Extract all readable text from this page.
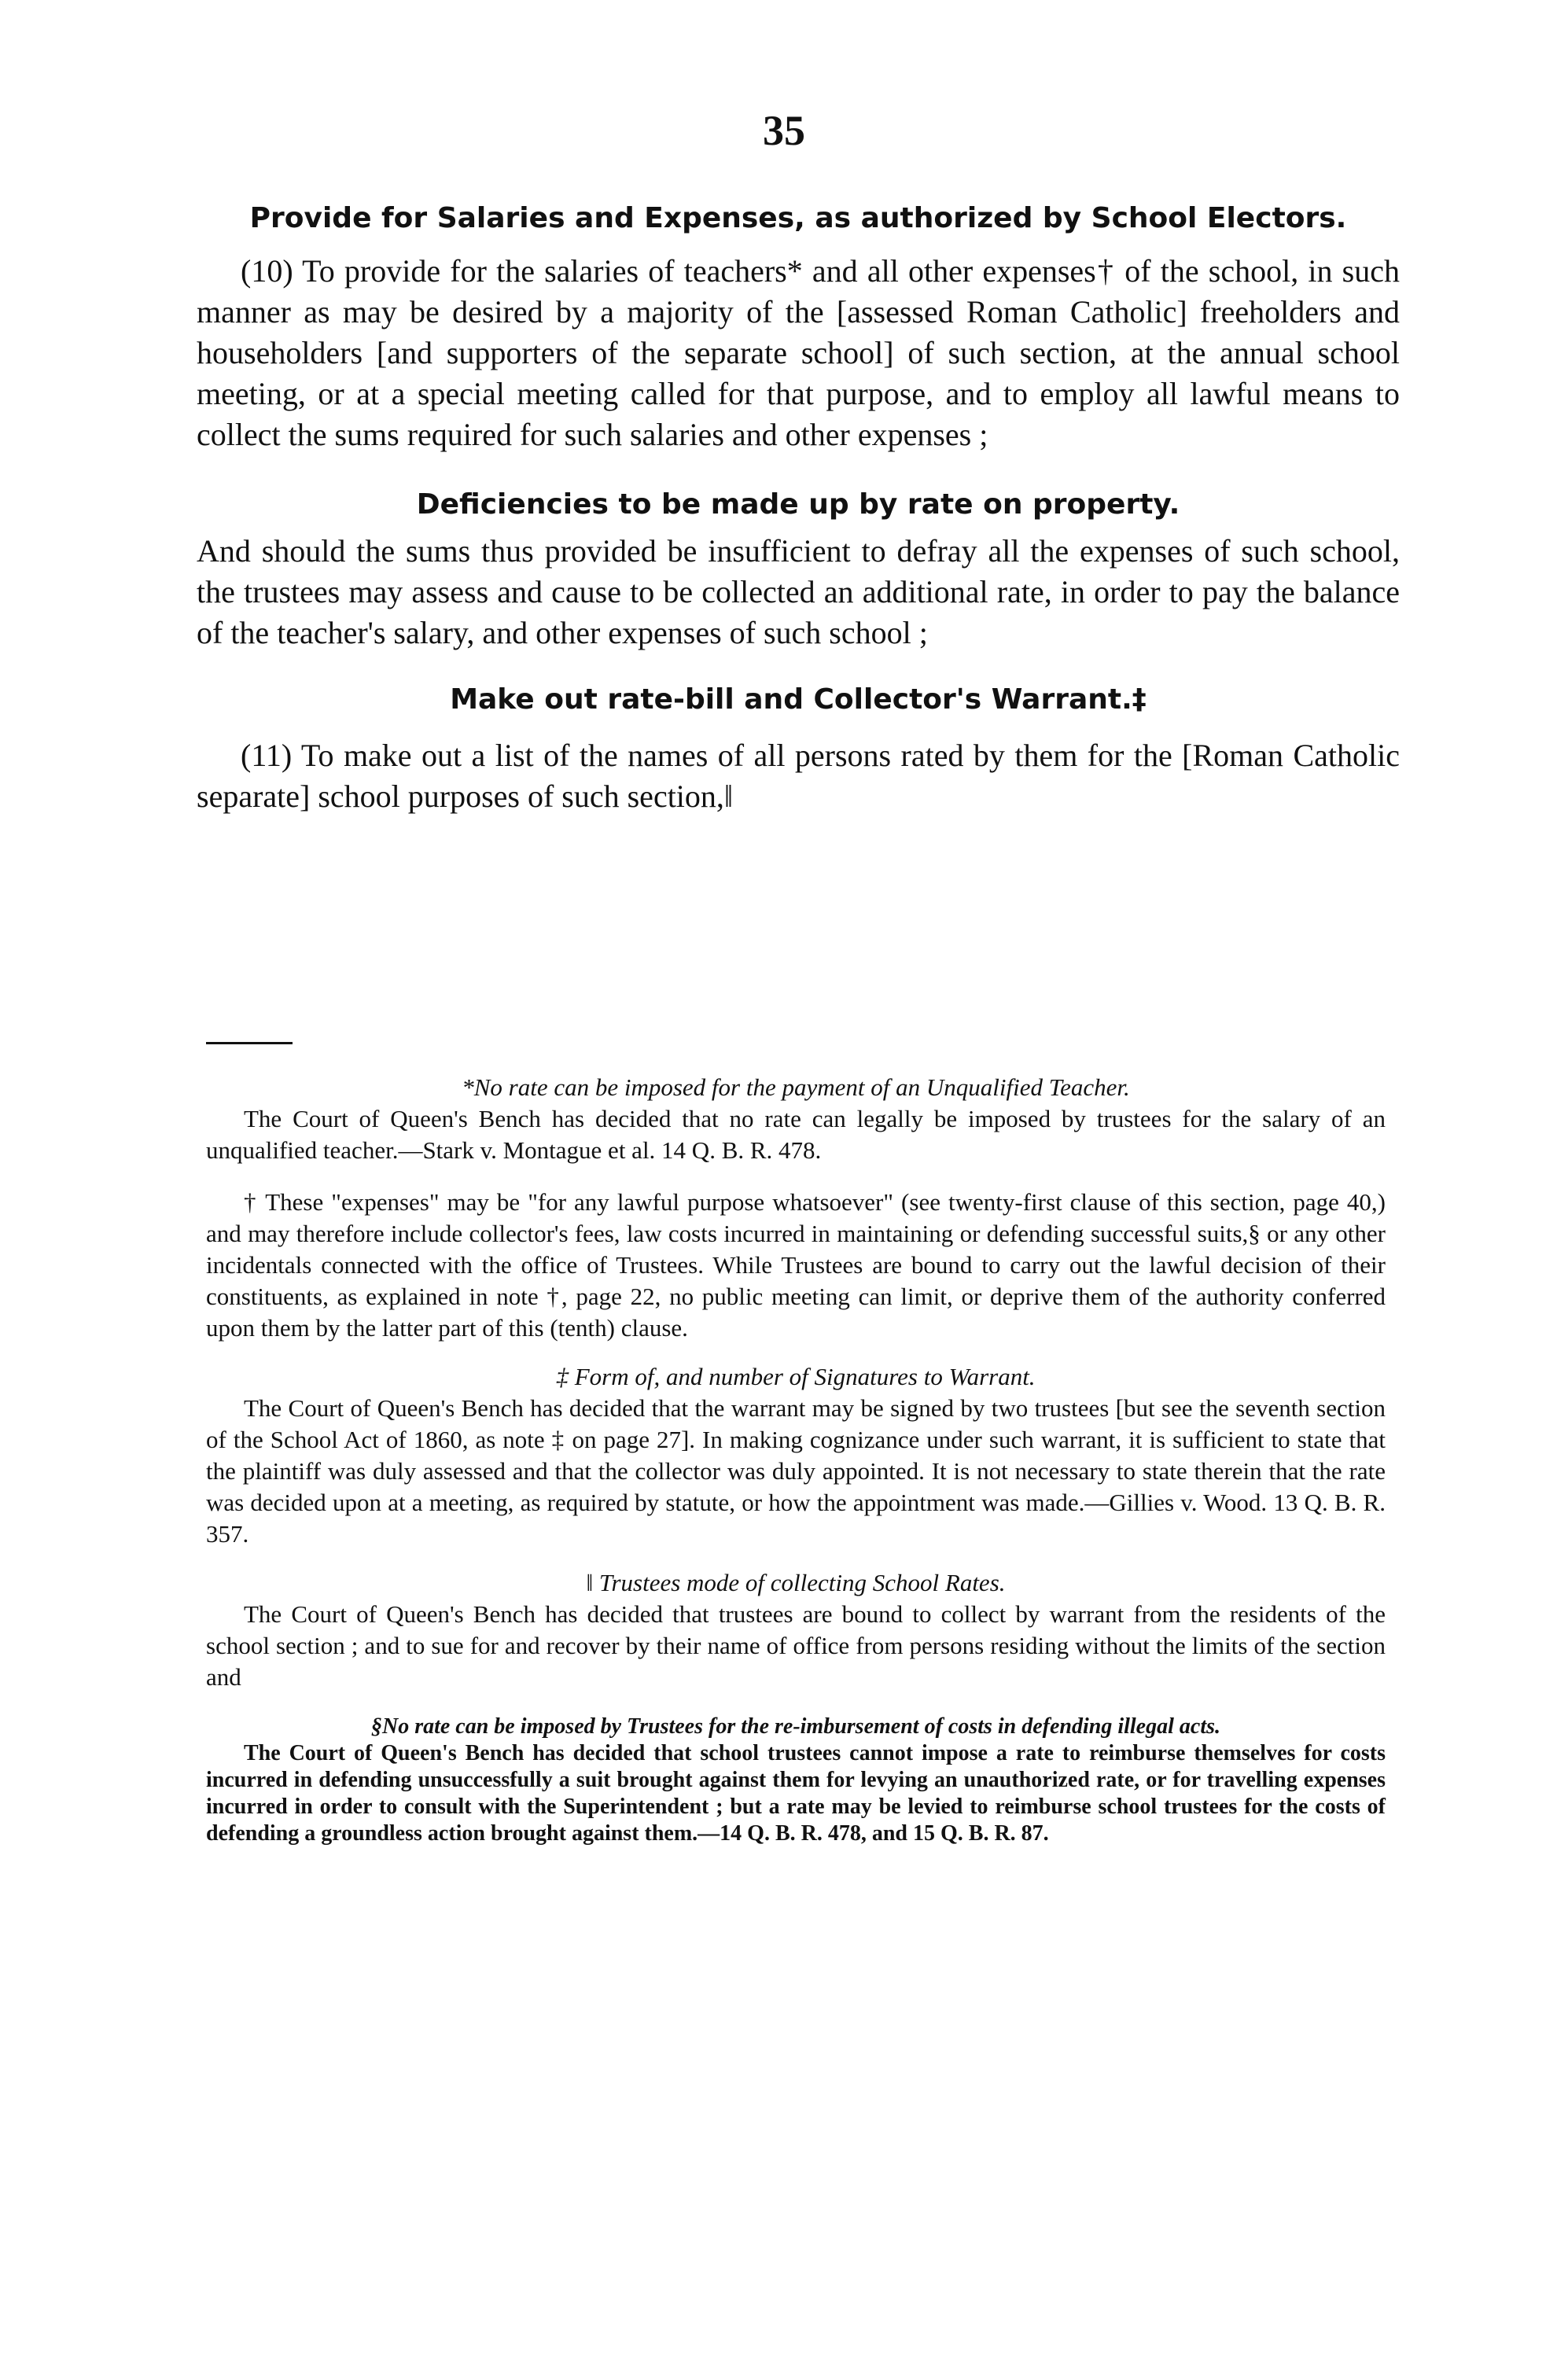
35

Provide for Salaries and Expenses, as authorized by School Electors.

(10) To provide for the salaries of teachers* and all other expenses† of the school, in such manner as may be desired by a majority of the [assessed Roman Catholic] freeholders and householders [and supporters of the separate school] of such section, at the annual school meeting, or at a special meeting called for that purpose, and to employ all lawful means to collect the sums required for such salaries and other expenses ;

Deficiencies to be made up by rate on property.

And should the sums thus provided be insufficient to defray all the expenses of such school, the trustees may assess and cause to be collected an additional rate, in order to pay the balance of the teacher's salary, and other expenses of such school ;

Make out rate-bill and Collector's Warrant.‡

(11) To make out a list of the names of all persons rated by them for the [Roman Catholic separate] school purposes of such section,‖

*No rate can be imposed for the payment of an Unqualified Teacher.

The Court of Queen's Bench has decided that no rate can legally be imposed by trustees for the salary of an unqualified teacher.—Stark v. Montague et al. 14 Q. B. R. 478.

† These "expenses" may be "for any lawful purpose whatsoever" (see twenty-first clause of this section, page 40,) and may therefore include collector's fees, law costs incurred in maintaining or defending successful suits,§ or any other incidentals connected with the office of Trustees. While Trustees are bound to carry out the lawful decision of their constituents, as explained in note †, page 22, no public meeting can limit, or deprive them of the authority conferred upon them by the latter part of this (tenth) clause.

‡ Form of, and number of Signatures to Warrant.

The Court of Queen's Bench has decided that the warrant may be signed by two trustees [but see the seventh section of the School Act of 1860, as note ‡ on page 27]. In making cognizance under such warrant, it is sufficient to state that the plaintiff was duly assessed and that the collector was duly appointed. It is not necessary to state therein that the rate was decided upon at a meeting, as required by statute, or how the appointment was made.—Gillies v. Wood. 13 Q. B. R. 357.

‖ Trustees mode of collecting School Rates.

The Court of Queen's Bench has decided that trustees are bound to collect by warrant from the residents of the school section ; and to sue for and recover by their name of office from persons residing without the limits of the section and

§No rate can be imposed by Trustees for the re-imbursement of costs in defending illegal acts.

The Court of Queen's Bench has decided that school trustees cannot impose a rate to reimburse themselves for costs incurred in defending unsuccessfully a suit brought against them for levying an unauthorized rate, or for travelling expenses incurred in order to consult with the Superintendent ; but a rate may be levied to reimburse school trustees for the costs of defending a groundless action brought against them.—14 Q. B. R. 478, and 15 Q. B. R. 87.
